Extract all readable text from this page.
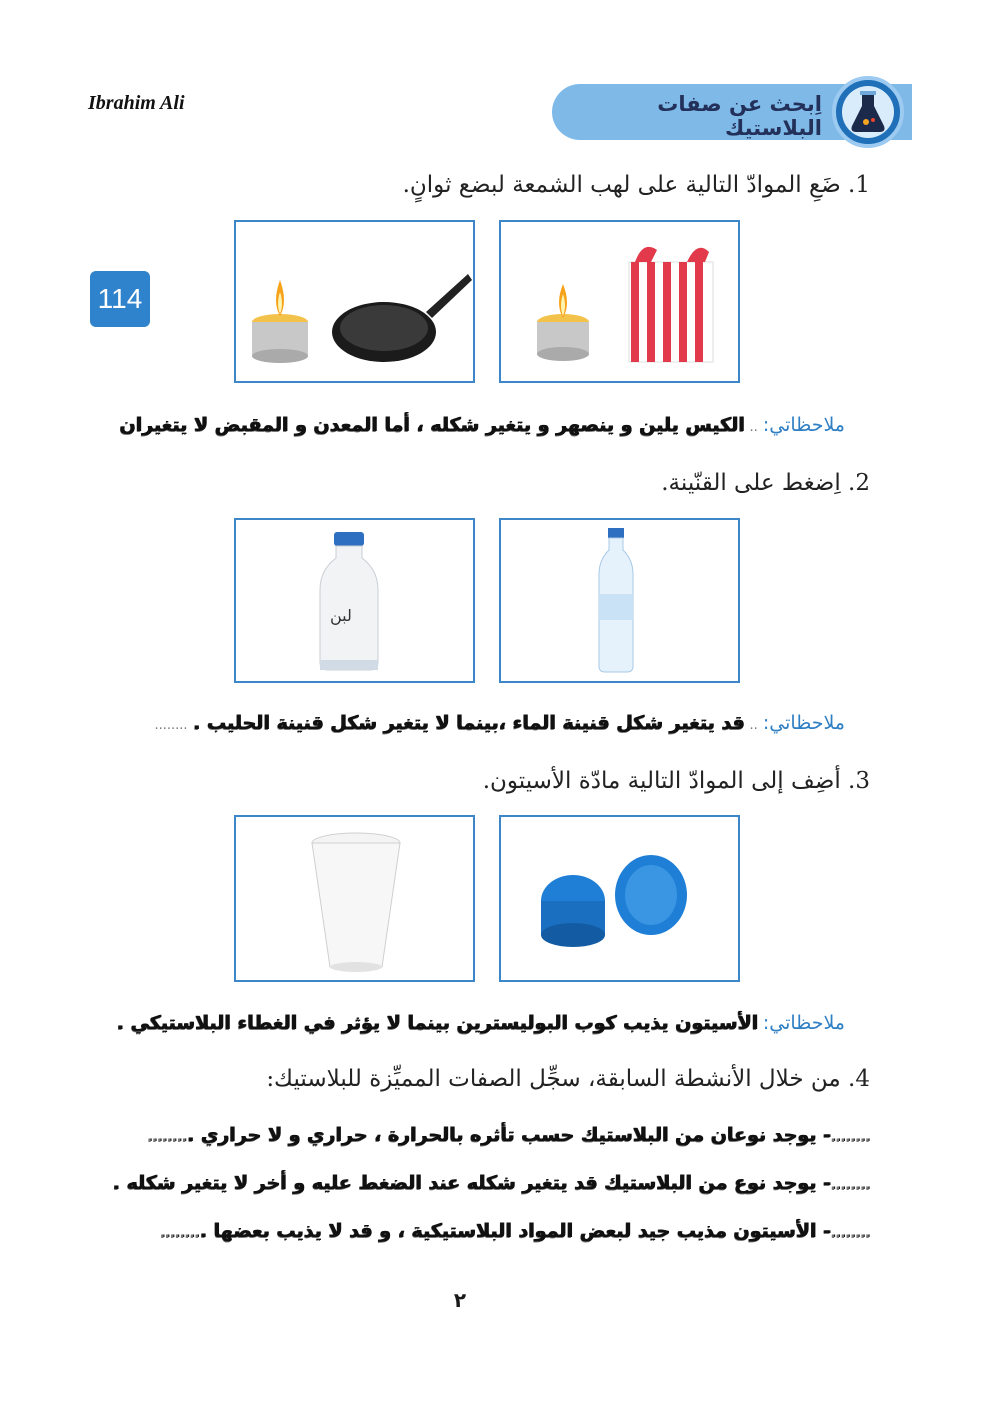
Ibrahim Ali	اِبحث عن صفات البلاستيك
1. ضَعِ الموادّ التالية على لهب الشمعة لبضع ثوانٍ.
114
ملاحظاتي: .. الكيس يلين و ينصهر و يتغير شكله ، أما المعدن و المقبض لا يتغيران
2. اِضغط على القنّينة.
لبن
ملاحظاتي: .. قد يتغير شكل قنينة الماء ،بينما لا يتغير شكل قنينة الحليب . ........
3. أضِف إلى الموادّ التالية مادّة الأسيتون.
ملاحظاتي: الأسيتون يذيب كوب البوليسترين بينما لا يؤثر في الغطاء البلاستيكي .
4. من خلال الأنشطة السابقة، سجِّل الصفات المميِّزة للبلاستيك:
........- يوجد نوعان من البلاستيك حسب تأثره بالحرارة ، حراري و لا حراري .........
........- يوجد نوع من البلاستيك قد يتغير شكله عند الضغط عليه و أخر لا يتغير شكله .
........- الأسيتون مذيب جيد لبعض المواد البلاستيكية ، و قد لا يذيب بعضها .........
٢
